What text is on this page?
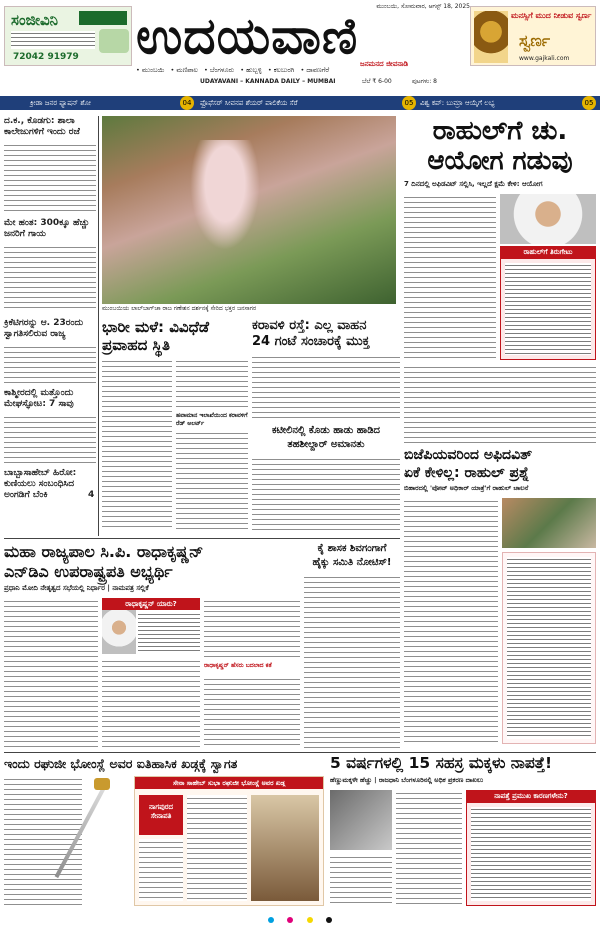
ಸಂಜೀವಿನಿ
72042 91979 ಉದಯವಾಣಿ	ಮುಂಬಯಿ, ಸೋಮವಾರ, ಆಗಸ್ಟ್ 18, 2025
ಮನಸ್ಸಿಗೆ ಮುದ ನೀಡುವ ಸ್ವರ್ಣ
ಸ್ವರ್ಣ
www.gajkali.com
• ಮುಂಬಯಿ • ಮಣಿಪಾಲ • ಬೆಂಗಳೂರು • ಹುಬ್ಬಳ್ಳಿ • ಕಲಬುರಗಿ • ದಾವಣಗೆರೆ
ಜನಮನದ ಜೀವನಾಡಿ
UDAYAVANI – KANNADA DAILY – MUMBAI	ಬೆಲೆ ₹ 6-00	ಪುಟಗಳು: 8
ಕ್ರೀಡಾ ಜನರ ಫ್ಯಾಷನ್ ಶೋ	04	ಫ್ರೊಫೆಸರ್ ಸೀವನಪ ಶೆಯರ್ ಪಾಲಿಕೆಯ ಸೆರೆ	05 ವಿಶ್ವ ಕಪ್: ಬುಮ್ರಾ ಆಯ್ಕೆಗೆ ಲಭ್ಯ	05
ದ.ಕ., ಕೊಡಗು: ಶಾಲಾ ಕಾಲೇಜುಗಳಿಗೆ ಇಂದು ರಜೆ
ಮೇ ಹಂತ: 300ಕ್ಕೂ ಹೆಚ್ಚು ಜನರಿಗೆ ಗಾಯ
ಕ್ರಿಕೆಟಿಗರನ್ನು ಆ. 23ರಂದು ಸ್ವಾಗತಿಸಲಿರುವ ರಾಜ್ಯ
ಕಾಶ್ಮೀರದಲ್ಲಿ ಮತ್ತೊಂದು ಮೇಘಸ್ಫೋಟ: 7 ಸಾವು
ಬಾಬ್ಬಾಸಾಹೇಬ್ ಹಿರೋ: ಕುಣಿಯಲು ಸಂಬಂಧಿಸಿದ ಅಂಗಡಿಗೆ ಬೆಂಕಿ	4
ಮುಂಬಯಿಯ ಲಾಲ್‌ಬಾಗ್‌ಚಾ ರಾಜ ಗಣೇಶನ ದರ್ಶನಕ್ಕೆ ಸೇರಿದ ಭಕ್ತರ ಜನಸಾಗರ
ರಾಹುಲ್‌ಗೆ ಚು.
ಆಯೋಗ ಗಡುವು
7 ದಿನದಲ್ಲಿ ಅಫಿಡವಿಟ್ ಸಲ್ಲಿಸಿ, ಇಲ್ಲದೆ ಕ್ಷಮೆ ಕೇಳಿ: ಆಯೋಗ
ರಾಹುಲ್‌ಗೆ ತಿರುಗೇಟು
ಭಾರೀ ಮಳೆ: ವಿವಿಧೆಡೆ
ಪ್ರವಾಹದ ಸ್ಥಿತಿ
ಹವಾಮಾನ ಇಲಾಖೆಯಿಂದ ಕರಾವಳಿಗೆ ರೆಡ್ ಅಲರ್ಟ್
ಕರಾವಳಿ ರಸ್ತೆ: ಎಲ್ಲ ವಾಹನ
24 ಗಂಟೆ ಸಂಚಾರಕ್ಕೆ ಮುಕ್ತ
ಕಟೀಲಿನಲ್ಲಿ ಕೊಡು ಹಾಡು ಹಾಡಿದ
ತಹಶೀಲ್ದಾರ್ ಅಮಾನತು
ಬಿಜೆಪಿಯವರಿಂದ ಅಫಿದವಿತ್
ಏಕೆ ಕೇಳಿಲ್ಲ: ರಾಹುಲ್ ಪ್ರಶ್ನೆ
ಬಿಹಾರದಲ್ಲಿ 'ವೋಟ್ ಅಧಿಕಾರ್ ಯಾತ್ರೆ'ಗೆ ರಾಹುಲ್ ಚಾಲನೆ
ಮಹಾ ರಾಜ್ಯಪಾಲ ಸಿ.ಪಿ. ರಾಧಾಕೃಷ್ಣನ್
ಎನ್‌ಡಿಎ ಉಪರಾಷ್ಟ್ರಪತಿ ಅಭ್ಯರ್ಥಿ
ಪ್ರಧಾನಿ ಮೋದಿ ನೇತೃತ್ವದ ಸಭೆಯಲ್ಲಿ ನಿರ್ಧಾರ | ನಾಮಪತ್ರ ಸಲ್ಲಿಕೆ
ರಾಧಾಕೃಷ್ಣನ್ ಯಾರು?
ರಾಧಾಕೃಷ್ಣನ್ ಹೆಸರು ಬದಲಾದ ಕತೆ
ಕೈ ಶಾಸಕ ಶಿವಗಂಗಾಗೆ
ಹೈಕ್ಕು ಸಮಿತಿ ನೋಟಿಸ್!
ಇಂದು ರಘುಜೀ ಭೋಂಸ್ಲೆ ಅವರ ಐತಿಹಾಸಿಕ ಖಡ್ಗಕ್ಕೆ ಸ್ವಾಗತ
ಸೇನಾ ಸಾಹೇಬ್ ಸುಭಾ ರಘುಜೀ ಭೋಂಸ್ಲೆ ಅವರ ಖಡ್ಗ
ನಾಗಪುರದ ಸೇನಾಪತಿ
5 ವರ್ಷಗಳಲ್ಲಿ 15 ಸಹಸ್ರ ಮಕ್ಕಳು ನಾಪತ್ತೆ!
ಹೆಣ್ಣುಮಕ್ಕಳೇ ಹೆಚ್ಚು | ರಾಜಧಾನಿ ಬೆಂಗಳೂರಿನಲ್ಲಿ ಅಧಿಕ ಪ್ರಕರಣ ದಾಖಲು
ನಾಪತ್ತೆ ಪ್ರಮುಖ ಕಾರಣಗಳೇನು?
